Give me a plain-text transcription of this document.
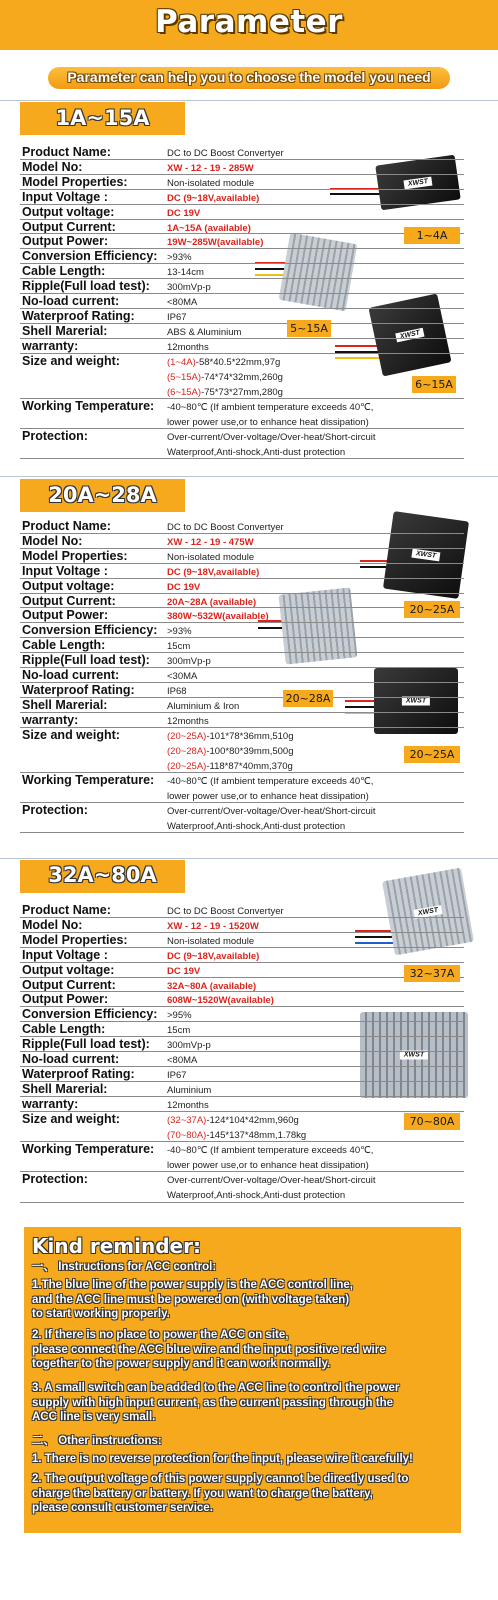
Parameter
Parameter can help you to choose the model you need
1A~15A
XWST
XWST
Product Name:	DC to DC Boost Convertyer
Model No:	XW - 12 - 19 - 285W
Model Properties:	Non-isolated module
Input Voltage :	DC (9~18V,available)
Output voltage:	DC 19V
Output Current:	1A~15A (available)
Output Power:	19W~285W(available)
Conversion Efficiency: >93%
Cable Length:	13-14cm
Ripple(Full load test): 300mVp-p
No-load current:	<80MA
Waterproof Rating:	IP67
Shell Marerial:	ABS & Aluminium
warranty:	12months
Size and weight:	(1~4A)-58*40.5*22mm,97g
(5~15A)-74*74*32mm,260g
(6~15A)-75*73*27mm,280g
Working Temperature: -40~80℃ (If ambient temperature exceeds 40℃,
lower power use,or to enhance heat dissipation)
Protection:	Over-current/Over-voltage/Over-heat/Short-circuit
Waterproof,Anti-shock,Anti-dust protection
1~4A
5~15A
6~15A
20A~28A
XWST
XWST
Product Name:	DC to DC Boost Convertyer
Model No:	XW - 12 - 19 - 475W
Model Properties:	Non-isolated module
Input Voltage :	DC (9~18V,available)
Output voltage:	DC 19V
Output Current:	20A~28A (available)
Output Power:	380W~532W(available)
Conversion Efficiency: >93%
Cable Length:	15cm
Ripple(Full load test): 300mVp-p
No-load current:	<30MA
Waterproof Rating:	IP68
Shell Marerial:	Aluminium & Iron
warranty:	12months
Size and weight:	(20~25A)-101*78*36mm,510g
(20~28A)-100*80*39mm,500g
(20~25A)-118*87*40mm,370g
Working Temperature: -40~80℃ (If ambient temperature exceeds 40℃,
lower power use,or to enhance heat dissipation)
Protection:	Over-current/Over-voltage/Over-heat/Short-circuit
Waterproof,Anti-shock,Anti-dust protection
20~25A
20~28A
20~25A
32A~80A
XWST
XWST
Product Name:	DC to DC Boost Convertyer
Model No:	XW - 12 - 19 - 1520W
Model Properties:	Non-isolated module
Input Voltage :	DC (9~18V,available)
Output voltage:	DC 19V
Output Current:	32A~80A (available)
Output Power:	608W~1520W(available)
Conversion Efficiency: >95%
Cable Length:	15cm
Ripple(Full load test): 300mVp-p
No-load current:	<80MA
Waterproof Rating:	IP67
Shell Marerial:	Aluminium
warranty:	12months
Size and weight:	(32~37A)-124*104*42mm,960g
(70~80A)-145*137*48mm,1.78kg
Working Temperature: -40~80℃ (If ambient temperature exceeds 40℃,
lower power use,or to enhance heat dissipation)
Protection:	Over-current/Over-voltage/Over-heat/Short-circuit
Waterproof,Anti-shock,Anti-dust protection
32~37A
70~80A
Kind reminder:
一、 Instructions for ACC control:
1.The blue line of the power supply is the ACC control line,
and the ACC line must be powered on (with voltage taken)
to start working properly.
2. If there is no place to power the ACC on site,
please connect the ACC blue wire and the input positive red wire
together to the power supply and it can work normally.
3. A small switch can be added to the ACC line to control the power
supply with high input current, as the current passing through the
ACC line is very small.
二、 Other instructions:
1. There is no reverse protection for the input, please wire it carefully!
2. The output voltage of this power supply cannot be directly used to
charge the battery or battery. If you want to charge the battery,
please consult customer service.
